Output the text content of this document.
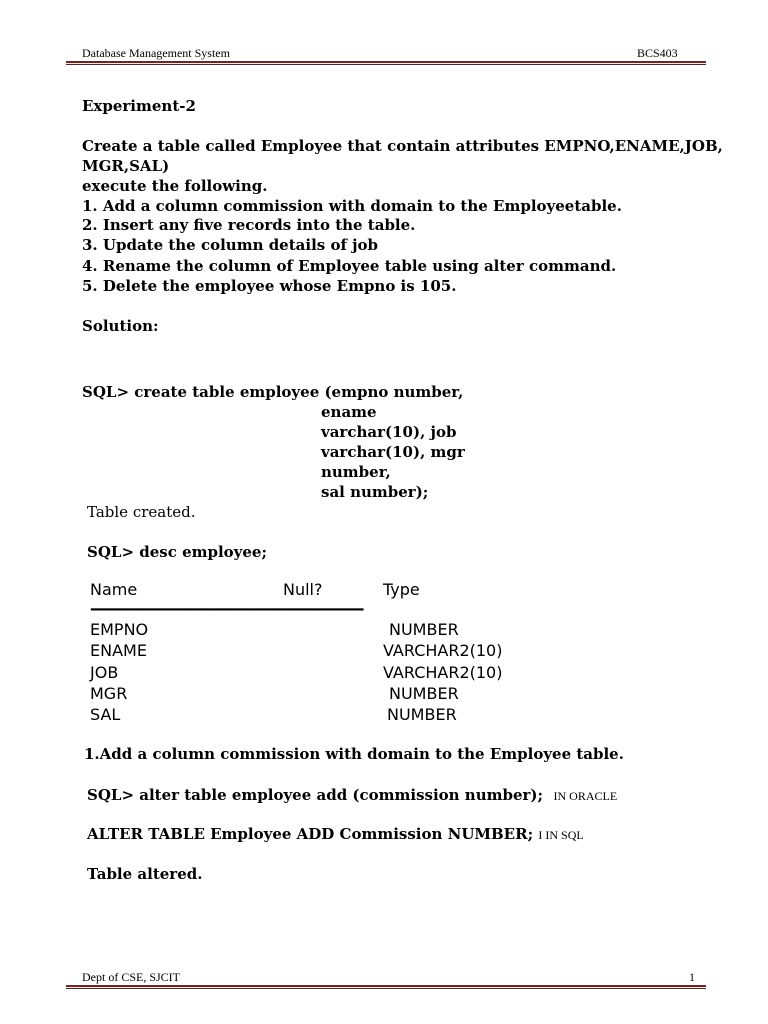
Database Management System	BCS403
Experiment-2
Create a table called Employee that contain attributes EMPNO,ENAME,JOB,
MGR,SAL)
execute the following.
1. Add a column commission with domain to the Employeetable.
2. Insert any five records into the table.
3. Update the column details of job
4. Rename the column of Employee table using alter command.
5. Delete the employee whose Empno is 105.
Solution:
SQL> create table employee (empno number,
ename
varchar(10), job
varchar(10), mgr
number,
sal number);
Table created.
SQL> desc employee;
Name	Null?	Type
---------------------------------------------------------------
EMPNO	NUMBER
ENAME	VARCHAR2(10)
JOB	VARCHAR2(10)
MGR	NUMBER
SAL	NUMBER
1.Add a column commission with domain to the Employee table.
SQL> alter table employee add (commission number); IN ORACLE
ALTER TABLE Employee ADD Commission NUMBER; I IN SQL
Table altered.
Dept of CSE, SJCIT	1
